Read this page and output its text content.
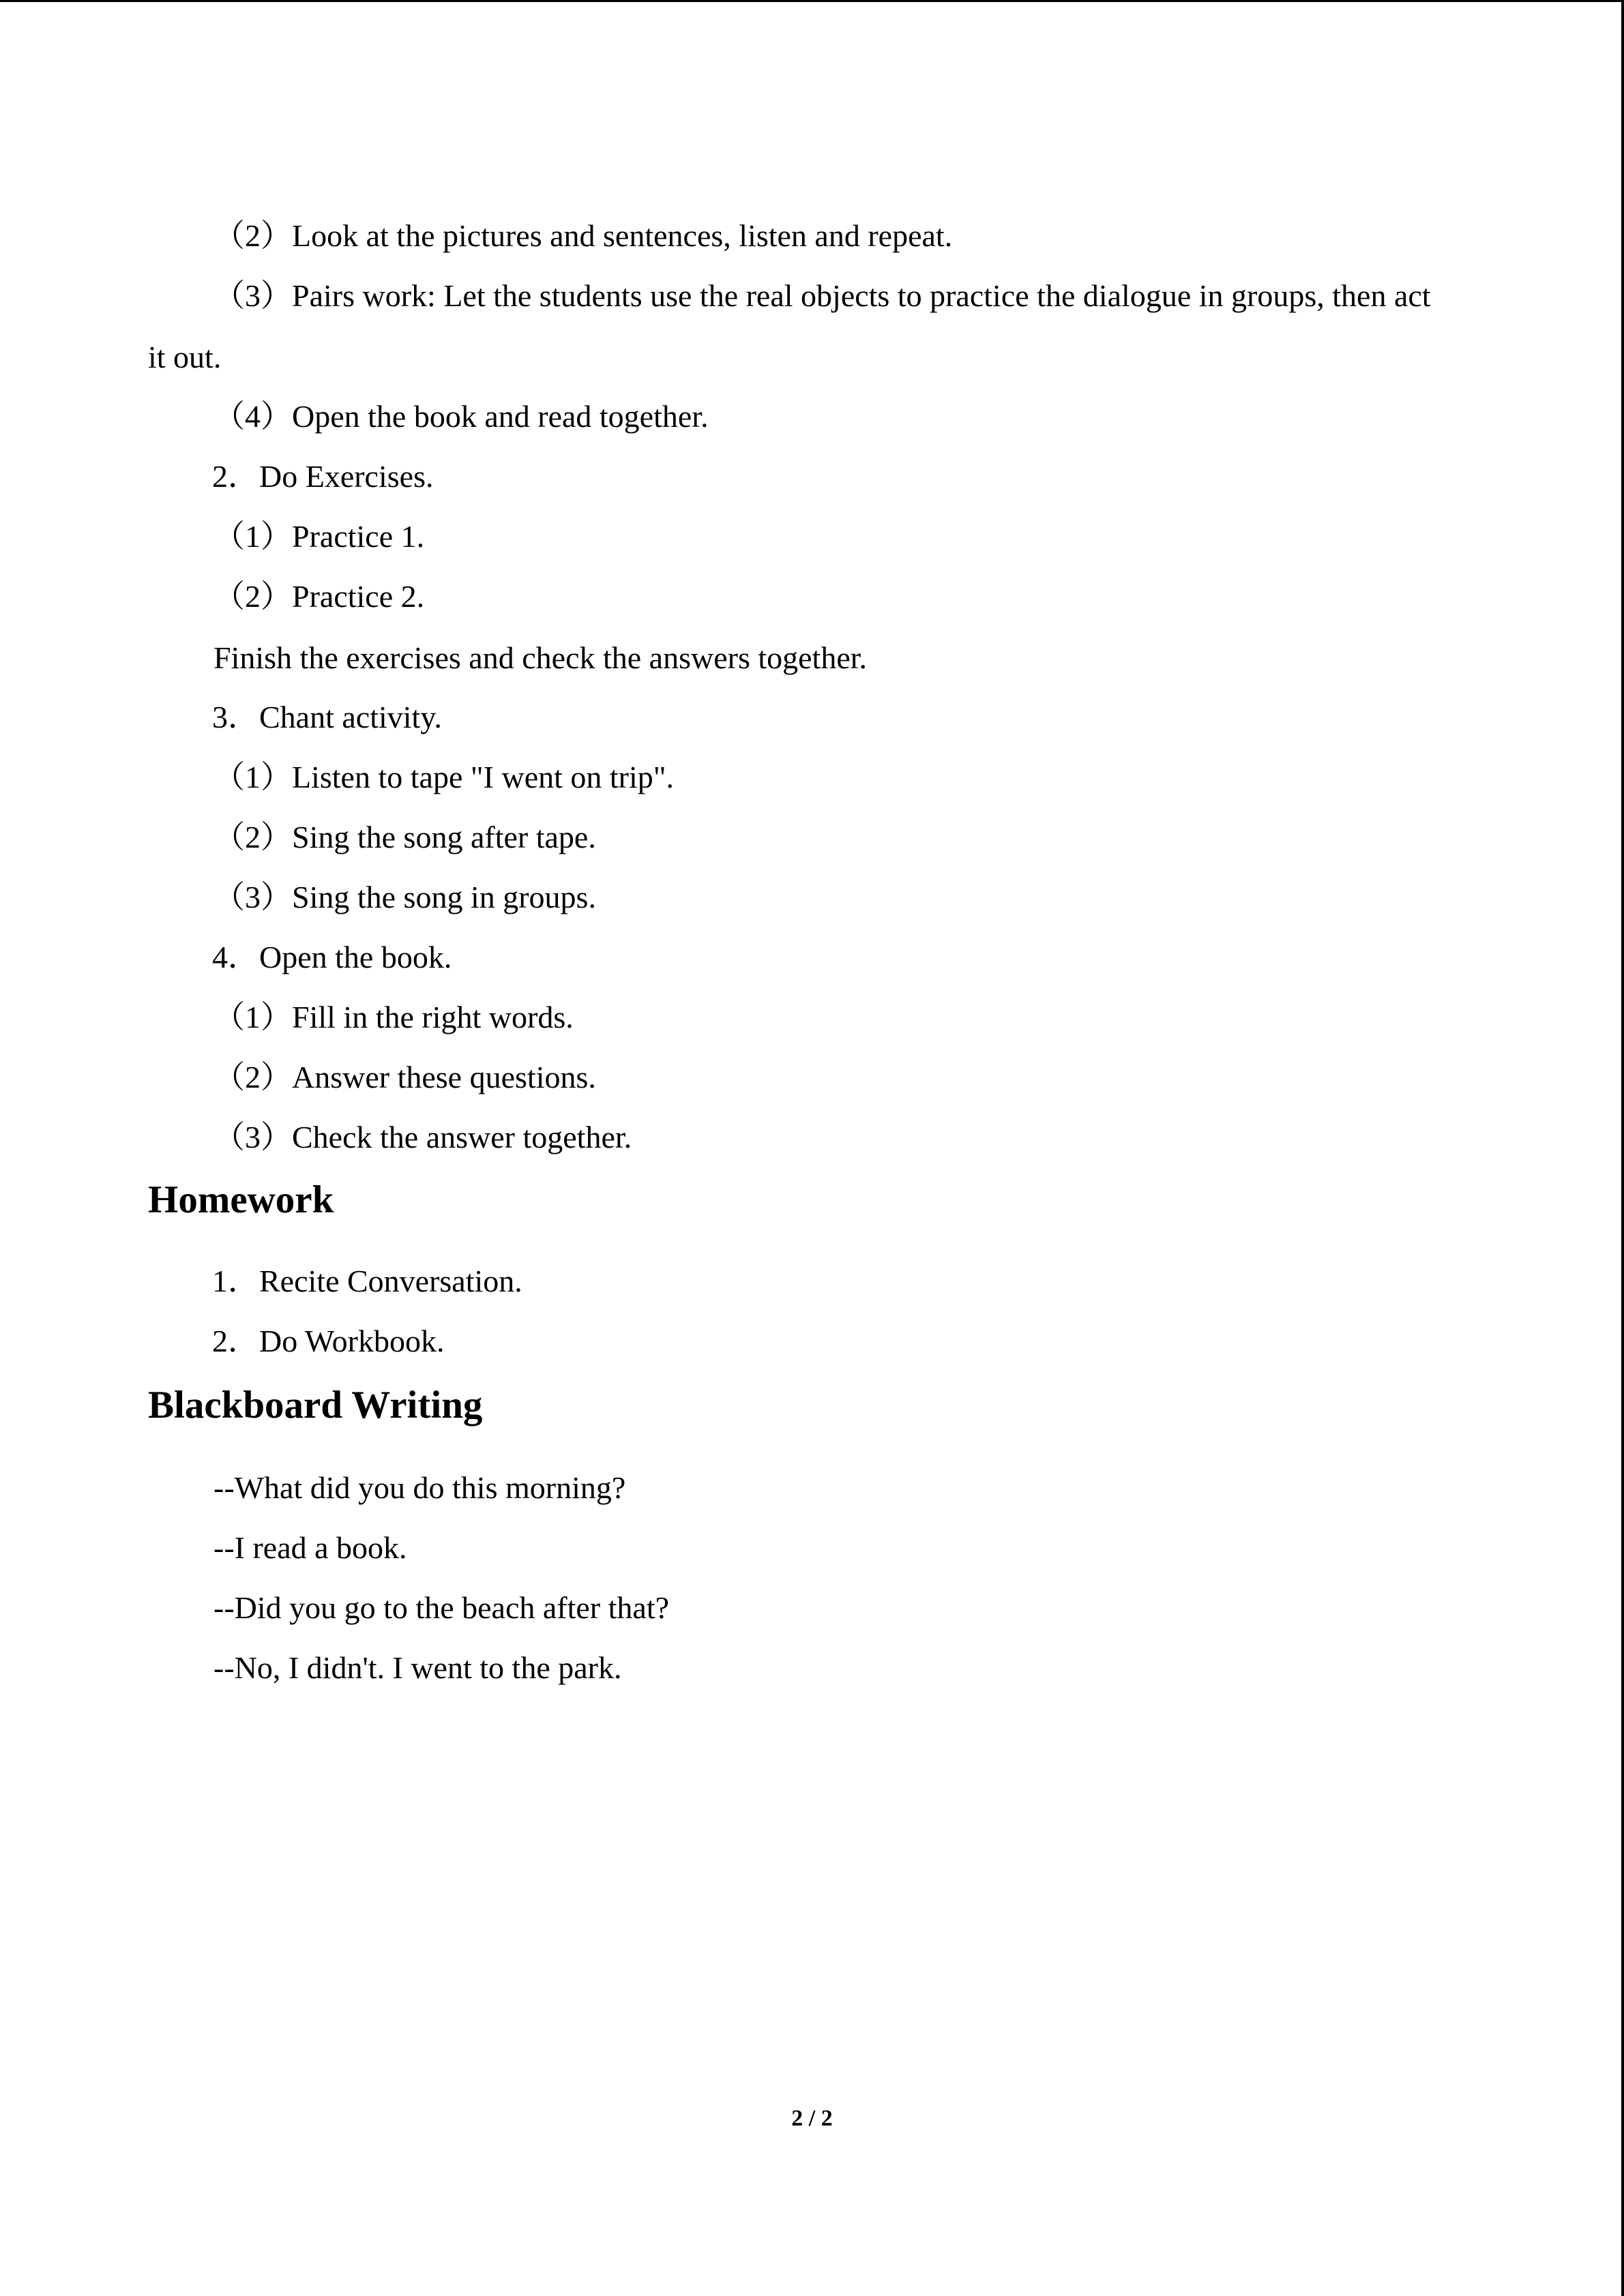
（2）Look at the pictures and sentences, listen and repeat.
（3）Pairs work: Let the students use the real objects to practice the dialogue in groups, then act
it out.
（4）Open the book and read together.
2．Do Exercises.
（1）Practice 1.
（2）Practice 2.
Finish the exercises and check the answers together.
3．Chant activity.
（1）Listen to tape "I went on trip".
（2）Sing the song after tape.
（3）Sing the song in groups.
4．Open the book.
（1）Fill in the right words.
（2）Answer these questions.
（3）Check the answer together.
Homework
1．Recite Conversation.
2．Do Workbook.
Blackboard Writing
--What did you do this morning?
--I read a book.
--Did you go to the beach after that?
--No, I didn't. I went to the park.
2 / 2
